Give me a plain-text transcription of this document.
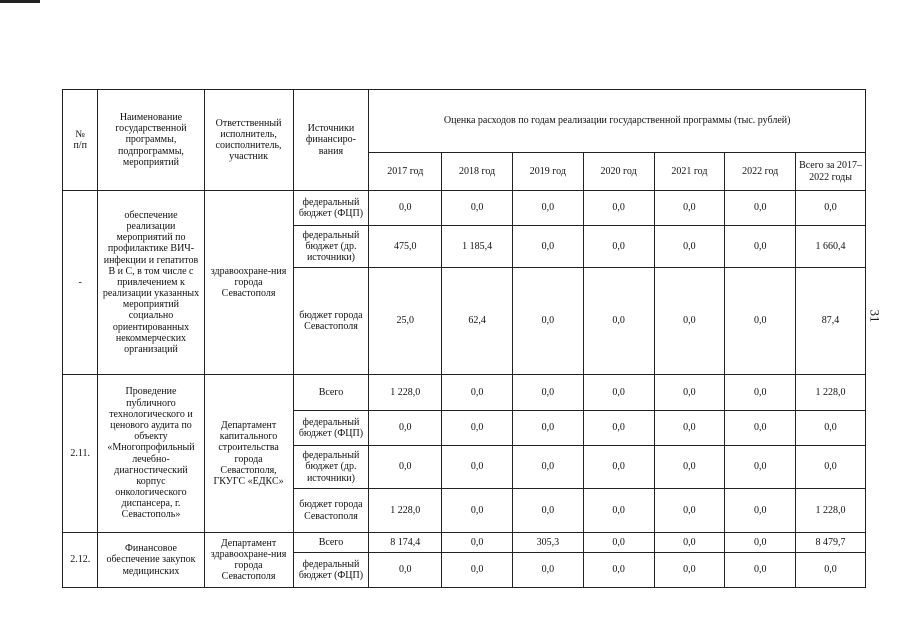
31
№
п/п	Наименование государственной программы, подпрограммы, мероприятий	Ответственный исполнитель, соисполнитель, участник	Источники финансиро-вания	Оценка расходов по годам реализации государственной программы (тыс. рублей)						
				2017 год	2018 год	2019 год	2020 год	2021 год	2022 год	Всего за 2017–2022 годы
-	обеспечение реализации мероприятий по профилактике ВИЧ-инфекции и гепатитов В и С, в том числе с привлечением к реализации указанных мероприятий социально ориентированных некоммерческих организаций	здравоохране-ния города Севастополя	федеральный бюджет (ФЦП)	0,0	0,0	0,0	0,0	0,0	0,0	0,0
			федеральный бюджет (др. источники)	475,0	1 185,4	0,0	0,0	0,0	0,0	1 660,4
			бюджет города Севастополя	25,0	62,4	0,0	0,0	0,0	0,0	87,4
2.11.	Проведение публичного технологического и ценового аудита по объекту «Многопрофильный лечебно-диагностический корпус онкологического диспансера, г. Севастополь»	Департамент капитального строительства города Севастополя, ГКУГС «ЕДКС»	Всего	1 228,0	0,0	0,0	0,0	0,0	0,0	1 228,0
			федеральный бюджет (ФЦП)	0,0	0,0	0,0	0,0	0,0	0,0	0,0
			федеральный бюджет (др. источники)	0,0	0,0	0,0	0,0	0,0	0,0	0,0
			бюджет города Севастополя	1 228,0	0,0	0,0	0,0	0,0	0,0	1 228,0
2.12.	Финансовое обеспечение закупок медицинских	Департамент здравоохране-ния города Севастополя	Всего	8 174,4	0,0	305,3	0,0	0,0	0,0	8 479,7
			федеральный бюджет (ФЦП)	0,0	0,0	0,0	0,0	0,0	0,0	0,0
